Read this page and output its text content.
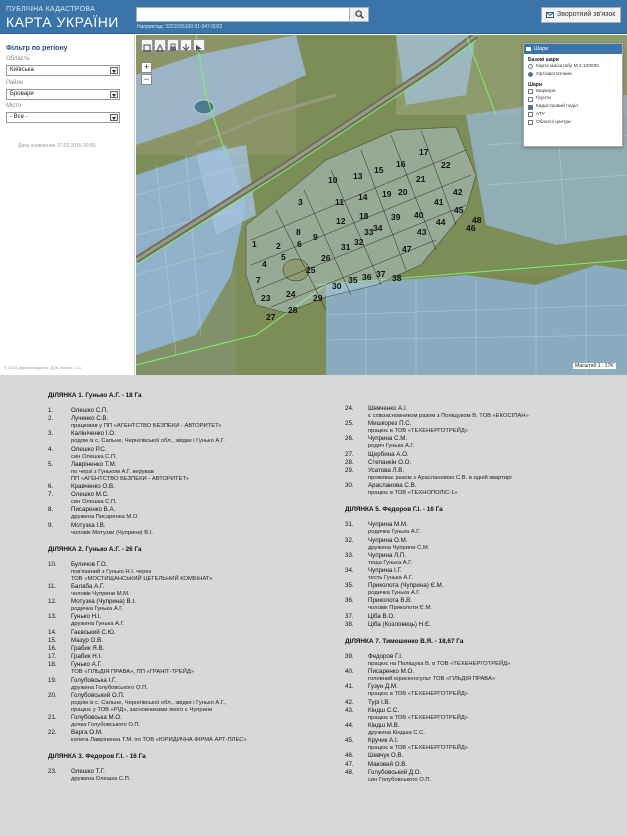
ПУБЛІЧНА КАДАСТРОВА
КАРТА УКРАЇНИ	Наприклад: 3221055100:01:047:0022
Зворотний зв'язок
Фільтр по регіону
Область
Київська
Район
Бровари
Місто
- Все -
Дата оновлення 17.02.2016 09:50
© 2013 Держгеокадастр, ДЗК. Версія 1.11
1 2
3
4
5
6
7
8 9
10
11
12
13
14
15
16
17
18
19 20
21
22
23 24
25
26
27
28
29
30
31 32
33 34
35 36 37 38
39 40
41
42
43
44
45
46
47
48
+
−
Шари
Базові шари
Карта масштабу М 1:100000
Ортофотоплани
Шари
Маркери
Ґрунти
Кадастровий поділ
АТУ
Обласні центри
Масштаб 1 : 17K
ДІЛЯНКА 1. Гунько А.Г. - 18 Га
1.	Олешко С.П.
2.	Лученко С.В.
працював у ПП «АГЕНТСТВО БЕЗПЕКИ - АВТОРИТЕТ»
3.	Калініченко І.О.
родом із с. Сальне, Чернігівської обл., звідки і Гунько А.Г.
4.	Олешко Р.С.
син Олешка С.П.
5.	Лавріненко Т.М.
по черзі з Гуньком А.Г. керував
ПП «АГЕНТСТВО БЕЗПЕКИ - АВТОРИТЕТ»
6.	Кравченко О.В.
7.	Олешко М.С.
син Олешка С.П.
8.	Писаренко В.А.
дружина Писаренка М.О.
9.	Мотузка І.В.
чоловік Мотузки (Чуприни) В.І.
ДІЛЯНКА 2. Гунько А.Г. - 26 Га
10. Буличов Г.О.
пов'язаний з Гунько Н.І. через
ТОВ «МОСТИЩАНСЬКИЙ ЦЕГЕЛЬНИЙ КОМБІНАТ»
11. Балаба А.Г.
чоловік Чуприни М.М.
12. Мотузка (Чуприна) В.І.
родичка Гунька А.Г.
13. Гунько Н.І.
дружина Гунька А.Г.
14. Гаєвський С.Ю.
15. Мазур О.В.
16. Грабик Я.В.
17. Грабик Н.І.
18. Гунько А.Г.
ТОВ «ГІЛЬДІЯ ПРАВА», ПП «ГРАНІТ-ТРЕЙД»
19. Голубовська І.Г.
дружина Голубовського О.П.
20. Голубовський О.П.
родом із с. Сальне, Чернігівської обл., звідки і Гунько А.Г.,
працює у ТОВ «РІД», засновниками якого є Чуприни
21. Голубовська М.О.
дочка Голубовського О.П.
22. Варга О.М.
колега Лавріненка Т.М. по ТОВ «ЮРИДИЧНА ФІРМА АРТ-ПЛЕС»
ДІЛЯНКА 3. Федоров Г.І. - 16 Га
23. Олешко Т.Г.
дружина Олешка С.П.
24. Шевченко А.І.
є співзасновником разом з Поліщуком В. ТОВ «ЕКОСІПАН»
25. Мишкорез П.С.
працює в ТОВ «ТЕХЕНЕРГОТРЕЙД»
26. Чуприна С.М.
родич Гунька А.Г.
27. Щербина А.О.
28. Степанкін О.О.
29. Усатова Л.В.
проживає разом з Араслановою С.В. в одній квартирі
30. Арасланова С.В.
працює в ТОВ «ТЕХНОПОЛІС-1»
ДІЛЯНКА 5. Федоров Г.І. - 16 Га
31. Чуприна М.М.
родичка Гунька А.Г.
32. Чуприна О.М.
дружина Чуприни С.М.
33. Чуприна Л.П.
теща Гунька А.Г.
34. Чуприна І.Г.
тесть Гунька А.Г.
35. Приколота (Чуприна) Є.М.
родичка Гунька А.Г.
36. Приколота В.В.
чоловік Приколоти Є.М.
37. Ціба В.О.
38. Ціба (Козловець) Н.Є.
ДІЛЯНКА 7. Тимошенко В.Я. - 18,67 Га
39. Федоров Г.І.
працює на Поліщука В. в ТОВ «ТЕХЕНЕРГОТРЕЙД»
40. Писаренко М.О.
головний юрисконсульт ТОВ «ГІЛЬДІЯ ПРАВА»
41. Гузун Д.М.
працює в ТОВ «ТЕХЕНЕРГОТРЕЙД»
42. Турі І.В.
43. Кіндш С.С.
працює в ТОВ «ТЕХЕНЕРГОТРЕЙД»
44. Кіндш М.В.
дружина Кіндша С.С.
45. Кручик А.І.
працює в ТОВ «ТЕХЕНЕРГОТРЕЙД»
46. Шевчук О.В.
47. Маковей О.В.
48. Голубовський Д.О.
син Голубовського О.П.
